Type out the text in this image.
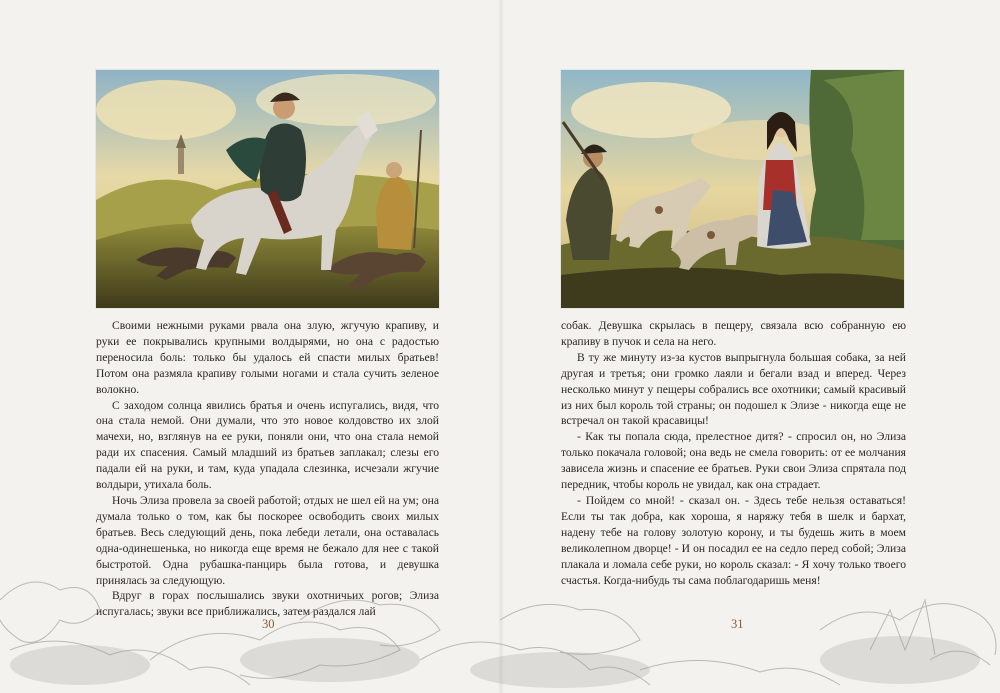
Своими нежными руками рвала она злую, жгучую крапиву, и руки ее покрывались крупными волдырями, но она с радостью переносила боль: только бы удалось ей спасти милых братьев! Потом она размяла крапиву голыми ногами и стала сучить зеленое волокно.

С заходом солнца явились братья и очень испугались, видя, что она стала немой. Они думали, что это новое колдовство их злой мачехи, но, взглянув на ее руки, поняли они, что она стала немой ради их спасения. Самый младший из братьев заплакал; слезы его падали ей на руки, и там, куда упадала слезинка, исчезали жгучие волдыри, утихала боль.

Ночь Элиза провела за своей работой; отдых не шел ей на ум; она думала только о том, как бы поскорее освободить своих милых братьев. Весь следующий день, пока лебеди летали, она оставалась одна-одинешенька, но никогда еще время не бежало для нее с такой быстротой. Одна рубашка-панцирь была готова, и девушка принялась за следующую.

Вдруг в горах послышались звуки охотничьих рогов; Элиза испугалась; звуки все приближались, затем раздался лай

собак. Девушка скрылась в пещеру, связала всю собранную ею крапиву в пучок и села на него.

В ту же минуту из-за кустов выпрыгнула большая собака, за ней другая и третья; они громко лаяли и бегали взад и вперед. Через несколько минут у пещеры собрались все охотники; самый красивый из них был король той страны; он подошел к Элизе - никогда еще не встречал он такой красавицы!

- Как ты попала сюда, прелестное дитя? - спросил он, но Элиза только покачала головой; она ведь не смела говорить: от ее молчания зависела жизнь и спасение ее братьев. Руки свои Элиза спрятала под передник, чтобы король не увидал, как она страдает.

- Пойдем со мной! - сказал он. - Здесь тебе нельзя оставаться! Если ты так добра, как хороша, я наряжу тебя в шелк и бархат, надену тебе на голову золотую корону, и ты будешь жить в моем великолепном дворце! - И он посадил ее на седло перед собой; Элиза плакала и ломала себе руки, но король сказал: - Я хочу только твоего счастья. Когда-нибудь ты сама поблагодаришь меня!

30	31
